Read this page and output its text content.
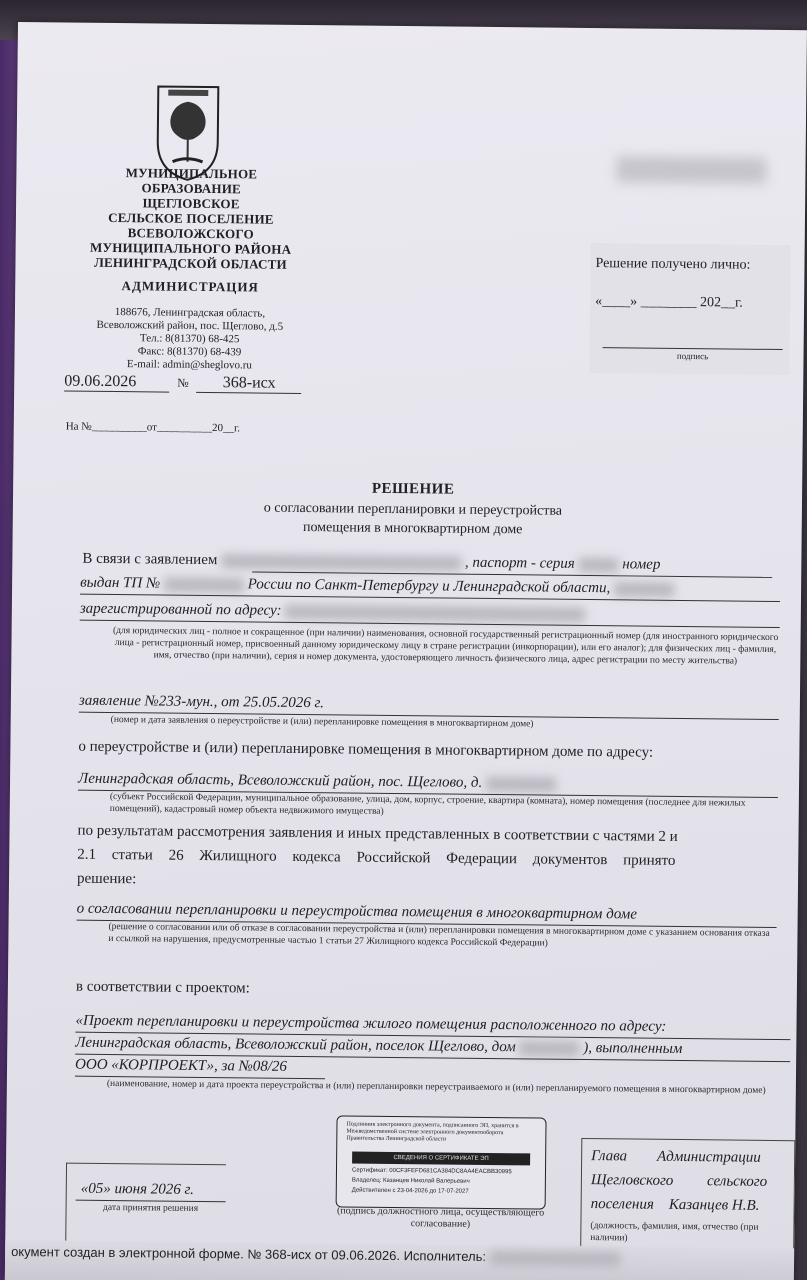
МУНИЦИПАЛЬНОЕ ОБРАЗОВАНИЕ
ЩЕГЛОВСКОЕ
СЕЛЬСКОЕ ПОСЕЛЕНИЕ
ВСЕВОЛОЖСКОГО
МУНИЦИПАЛЬНОГО РАЙОНА
ЛЕНИНГРАДСКОЙ ОБЛАСТИ
АДМИНИСТРАЦИЯ
188676, Ленинградская область,
Всеволожский район, пос. Щеглово, д.5
Тел.: 8(81370) 68-425
Факс: 8(81370) 68-439
E-mail: admin@sheglovo.ru
09.06.2026	№ 368-исх
На №__________от__________20__г.
Решение получено лично:
«____» ________ 202__г.
подпись
РЕШЕНИЕ
о согласовании перепланировки и переустройства
помещения в многоквартирном доме
В связи с заявлением	, паспорт - серия	номер
выдан ТП №	России по Санкт-Петербургу и Ленинградской области,
зарегистрированной по адресу:
(для юридических лиц - полное и сокращенное (при наличии) наименования, основной государственный регистрационный номер (для иностранного юридического лица - регистрационный номер, присвоенный данному юридическому лицу в стране регистрации (инкорпорации), или его аналог); для физических лиц - фамилия, имя, отчество (при наличии), серия и номер документа, удостоверяющего личность физического лица, адрес регистрации по месту жительства)
заявление №233-мун., от 25.05.2026 г.
(номер и дата заявления о переустройстве и (или) перепланировке помещения в многоквартирном доме)
о переустройстве и (или) перепланировке помещения в многоквартирном доме по адресу:
Ленинградская область, Всеволожский район, пос. Щеглово, д.
(субъект Российской Федерации, муниципальное образование, улица, дом, корпус, строение, квартира (комната), номер помещения (последнее для нежилых помещений), кадастровый номер объекта недвижимого имущества)
по результатам рассмотрения заявления и иных представленных в соответствии с частями 2 и
2.1 статьи 26 Жилищного кодекса Российской Федерации документов принято
решение:
о согласовании перепланировки и переустройства помещения в многоквартирном доме
(решение о согласовании или об отказе в согласовании переустройства и (или) перепланировки помещения в многоквартирном доме с указанием основания отказа и ссылкой на нарушения, предусмотренные частью 1 статьи 27 Жилищного кодекса Российской Федерации)
в соответствии с проектом:
«Проект перепланировки и переустройства жилого помещения расположенного по адресу:
Ленинградская область, Всеволожский район, поселок Щеглово, дом	), выполненным
ООО «КОРПРОЕКТ», за №08/26
(наименование, номер и дата проекта переустройства и (или) перепланировки переустраиваемого и (или) перепланируемого помещения в многоквартирном доме)
«05» июня 2026 г.
дата принятия решения
Подлинник электронного документа, подписанного ЭП, хранится в Межведомственной системе электронного документооборота Правительства Ленинградской области
СВЕДЕНИЯ О СЕРТИФИКАТЕ ЭП
Сертификат: 00CF3FEFD681CA384DC8AA4EACBB30995
Владелец: Казанцев Николай Валерьевич
Действителен с 23-04-2026 до 17-07-2027
(подпись должностного лица, осуществляющего согласование)
Глава        Администрации
Щегловского         сельского
поселения    Казанцев Н.В.
(должность, фамилия, имя, отчество (при наличии)
окумент создан в электронной форме. № 368-исх от 09.06.2026. Исполнитель:
